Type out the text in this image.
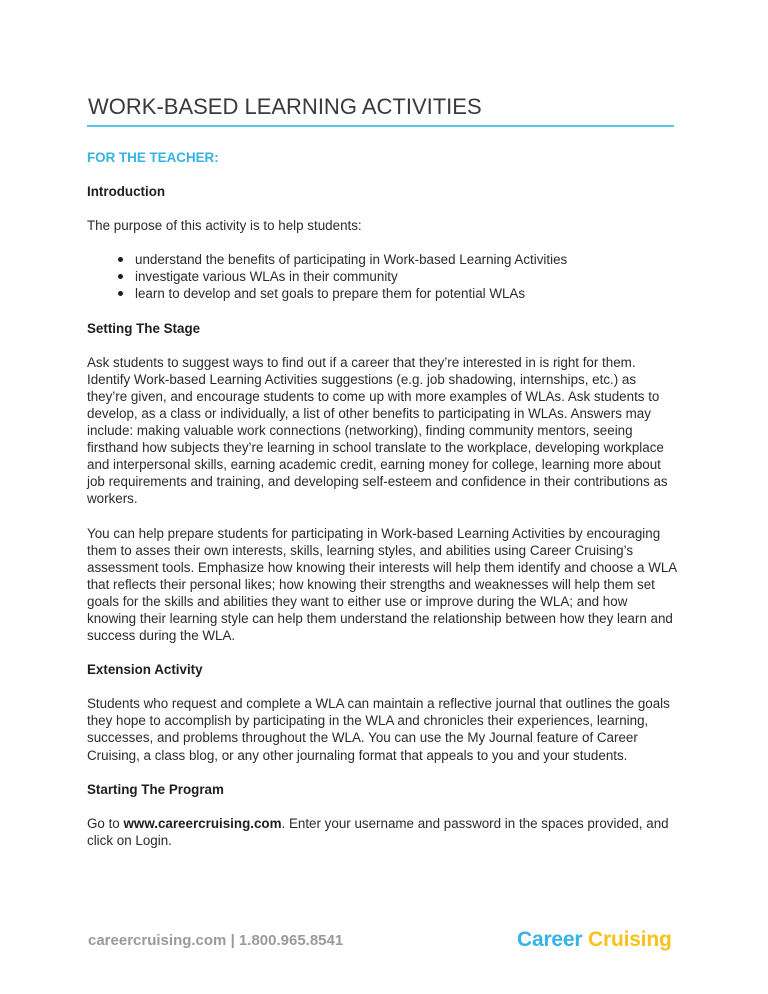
WORK-BASED LEARNING ACTIVITIES
FOR THE TEACHER:
Introduction

The purpose of this activity is to help students:

understand the benefits of participating in Work-based Learning Activities
investigate various WLAs in their community
learn to develop and set goals to prepare them for potential WLAs
Setting The Stage

Ask students to suggest ways to find out if a career that they’re interested in is right for them. Identify Work-based Learning Activities suggestions (e.g. job shadowing, internships, etc.) as they’re given, and encourage students to come up with more examples of WLAs. Ask students to develop, as a class or individually, a list of other benefits to participating in WLAs. Answers may include: making valuable work connections (networking), finding community mentors, seeing firsthand how subjects they’re learning in school translate to the workplace, developing workplace and interpersonal skills, earning academic credit, earning money for college, learning more about job requirements and training, and developing self-esteem and confidence in their contributions as workers.

You can help prepare students for participating in Work-based Learning Activities by encouraging them to asses their own interests, skills, learning styles, and abilities using Career Cruising’s assessment tools. Emphasize how knowing their interests will help them identify and choose a WLA that reflects their personal likes; how knowing their strengths and weaknesses will help them set goals for the skills and abilities they want to either use or improve during the WLA; and how knowing their learning style can help them understand the relationship between how they learn and success during the WLA.

Extension Activity

Students who request and complete a WLA can maintain a reflective journal that outlines the goals they hope to accomplish by participating in the WLA and chronicles their experiences, learning, successes, and problems throughout the WLA. You can use the My Journal feature of Career Cruising, a class blog, or any other journaling format that appeals to you and your students.

Starting The Program

Go to www.careercruising.com. Enter your username and password in the spaces provided, and click on Login.

careercruising.com | 1.800.965.8541	Career Cruising
